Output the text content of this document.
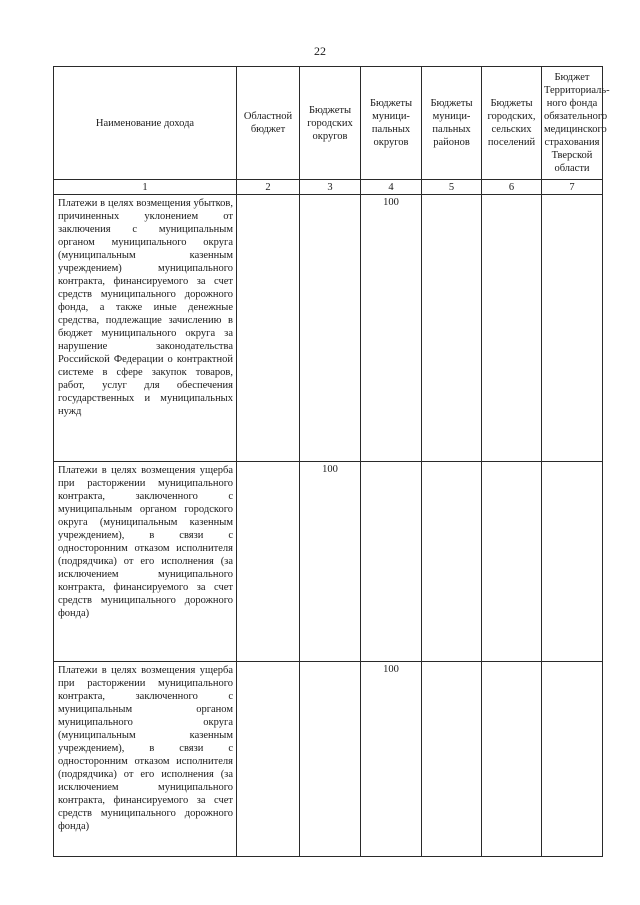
22
Наименование дохода	Областной бюджет	Бюджеты городских округов	Бюджеты муници-пальных округов	Бюджеты муници-пальных районов	Бюджеты городских, сельских поселений	Бюджет Территориаль-ного фонда обязательного медицинского страхования Тверской области
1	2	3	4	5	6	7
Платежи в целях возмещения убытков, причиненных уклонением от заключения с муниципальным органом муниципального округа (муниципальным казенным учреждением) муниципального контракта, финансируемого за счет средств муниципального дорожного фонда, а также иные денежные средства, подлежащие зачислению в бюджет муниципального округа за нарушение законодательства Российской Федерации о контрактной системе в сфере закупок товаров, работ, услуг для обеспечения государственных и муниципальных нужд			100			
Платежи в целях возмещения ущерба при расторжении муниципального контракта, заключенного с муниципальным органом городского округа (муниципальным казенным учреждением), в связи с односторонним отказом исполнителя (подрядчика) от его исполнения (за исключением муниципального контракта, финансируемого за счет средств муниципального дорожного фонда)		100				
Платежи в целях возмещения ущерба при расторжении муниципального контракта, заключенного с муниципальным органом муниципального округа (муниципальным казенным учреждением), в связи с односторонним отказом исполнителя (подрядчика) от его исполнения (за исключением муниципального контракта, финансируемого за счет средств муниципального дорожного фонда)			100			
